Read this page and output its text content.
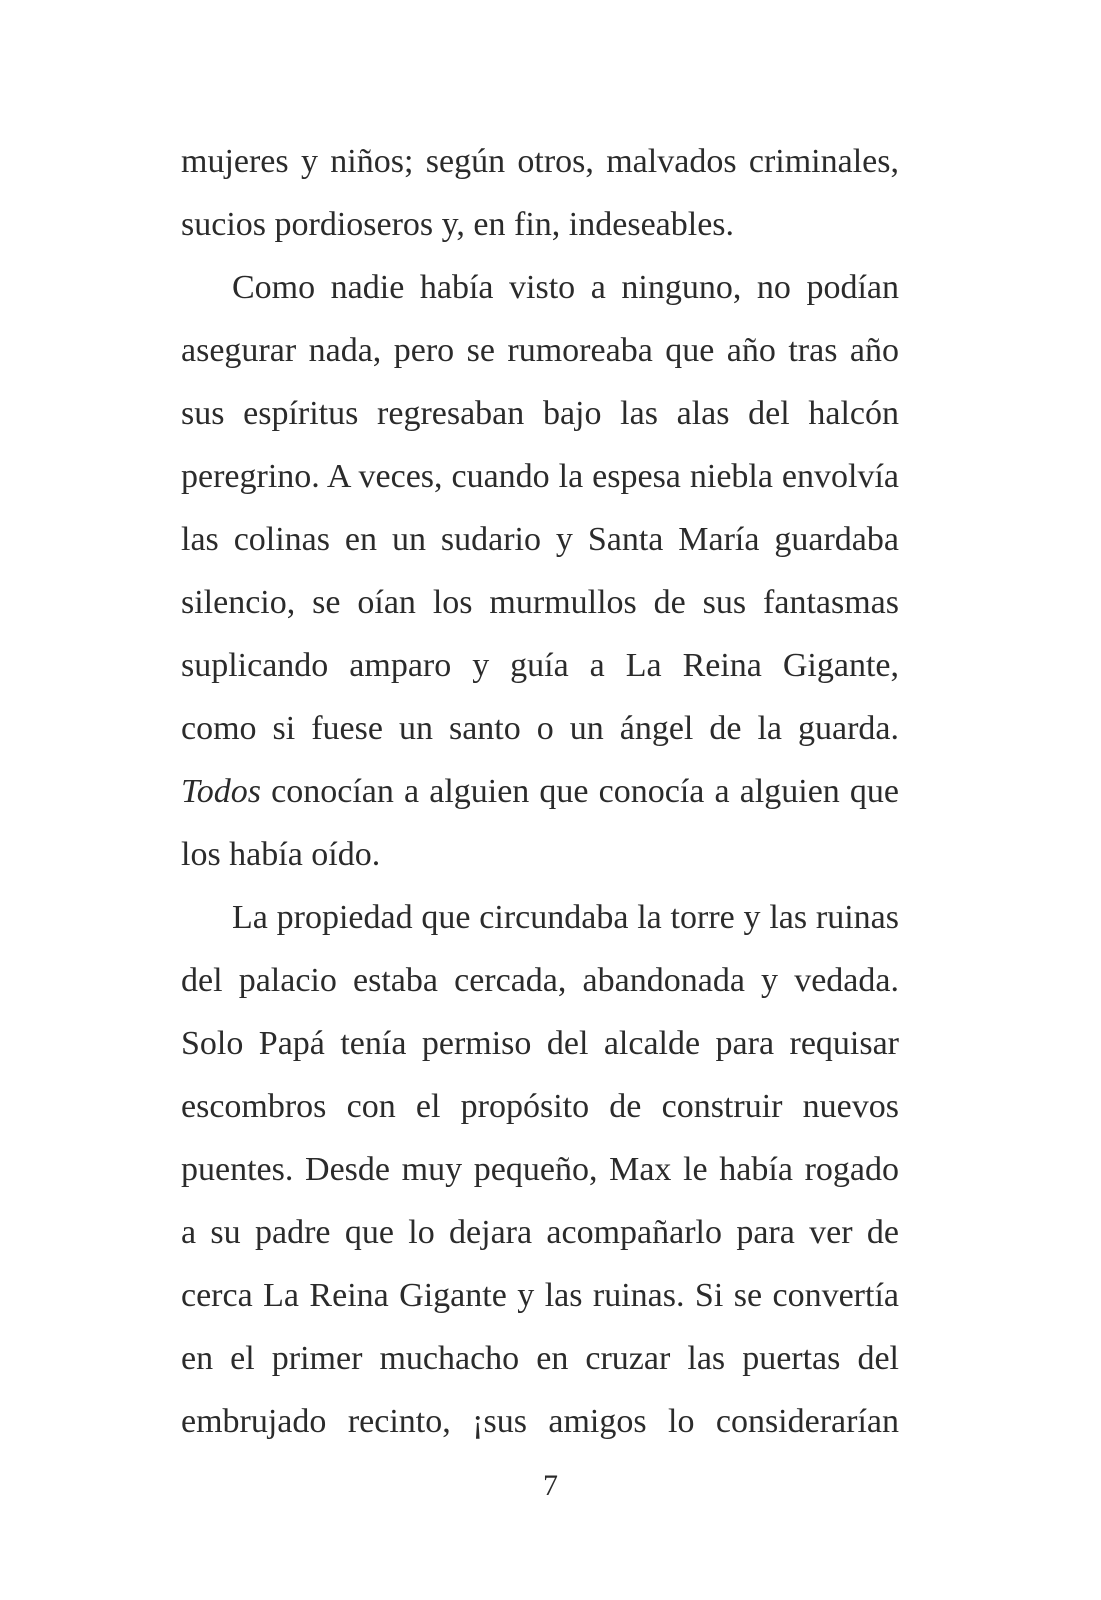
mujeres y niños; según otros, malvados criminales,
sucios pordioseros y, en fin, indeseables.
Como nadie había visto a ninguno, no podían
asegurar nada, pero se rumoreaba que año tras año
sus espíritus regresaban bajo las alas del halcón
peregrino. A veces, cuando la espesa niebla envolvía
las colinas en un sudario y Santa María guardaba
silencio, se oían los murmullos de sus fantasmas
suplicando amparo y guía a La Reina Gigante,
como si fuese un santo o un ángel de la guarda.
Todos conocían a alguien que conocía a alguien que
los había oído.
La propiedad que circundaba la torre y las ruinas
del palacio estaba cercada, abandonada y vedada.
Solo Papá tenía permiso del alcalde para requisar
escombros con el propósito de construir nuevos
puentes. Desde muy pequeño, Max le había rogado
a su padre que lo dejara acompañarlo para ver de
cerca La Reina Gigante y las ruinas. Si se convertía
en el primer muchacho en cruzar las puertas del
embrujado recinto, ¡sus amigos lo considerarían
7
